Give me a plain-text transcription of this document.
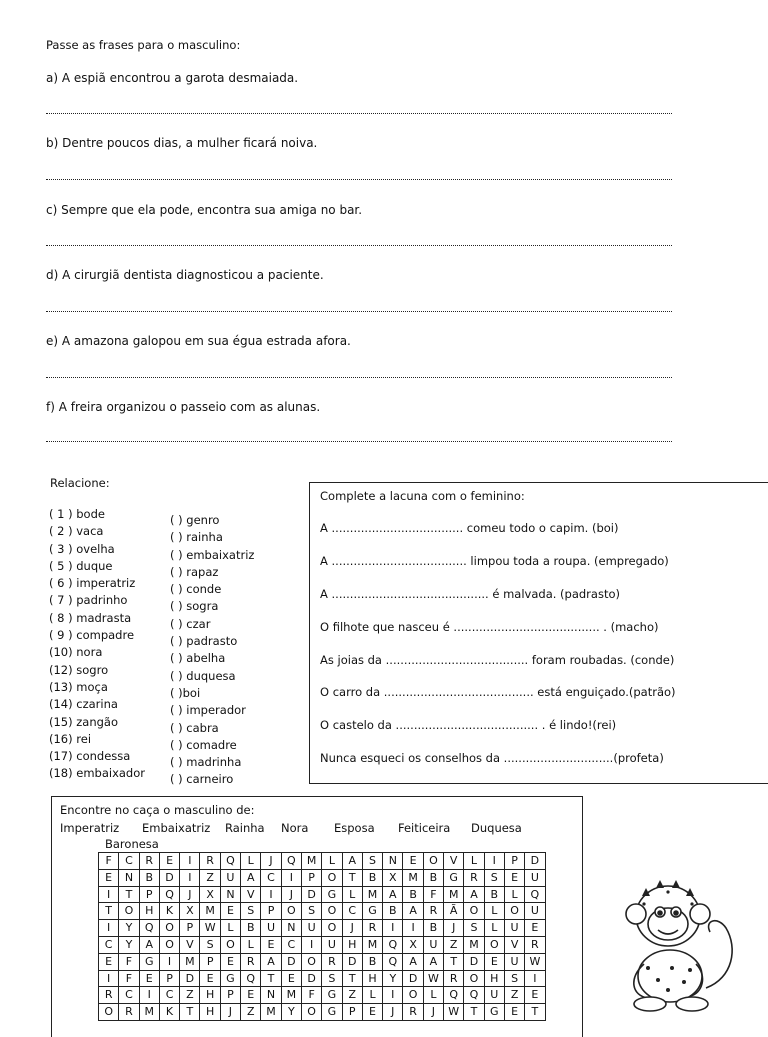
Passe as frases para o masculino:
a) A espiã encontrou a garota desmaiada.
b) Dentre poucos dias, a mulher ficará noiva.
c) Sempre que ela pode, encontra sua amiga no bar.
d) A cirurgiã dentista diagnosticou a paciente.
e) A amazona galopou em sua égua estrada afora.
f) A freira organizou o passeio com as alunas.
Relacione:
( 1 ) bode
( 2 ) vaca
( 3 ) ovelha
( 5 ) duque
( 6 ) imperatriz
( 7 ) padrinho
( 8 ) madrasta
( 9 ) compadre
(10) nora
(12) sogro
(13) moça
(14) czarina
(15) zangão
(16) rei
(17) condessa
(18) embaixador
( ) genro
( ) rainha
( ) embaixatriz
( ) rapaz
( ) conde
( ) sogra
( ) czar
( ) padrasto
( ) abelha
( ) duquesa
( )boi
( ) imperador
( ) cabra
( ) comadre
( ) madrinha
( ) carneiro
Complete a lacuna com o feminino:
A .................................... comeu todo o capim. (boi)
A ..................................... limpou toda a roupa. (empregado)
A ........................................... é malvada. (padrasto)
O filhote que nasceu é ........................................ . (macho)
As joias da ....................................... foram roubadas. (conde)
O carro da ......................................... está enguiçado.(patrão)
O castelo da ....................................... . é lindo!(rei)
Nunca esqueci os conselhos da ..............................(profeta)
Encontre no caça o masculino de:
Imperatriz Embaixatriz Rainha Nora Esposa Feiticeira Duquesa
Baronesa
F	C	R	E	I	R	Q	L	J	Q	M	L	A	S	N	E	O	V	L	I	P	D
E	N	B	D	I	Z	U	A	C	I	P	O	T	B	X	M	B	G	R	S	E	U
I	T	P	Q	J	X	N	V	I	J	D	G	L	M	A	B	F	M	A	B	L	Q
T	O	H	K	X	M	E	S	P	O	S	O	C	G	B	A	R	Ã	O	L	O	U
I	Y	Q	O	P	W	L	B	U	N	U	O	J	R	I	I	B	J	S	L	U	E
C	Y	A	O	V	S	O	L	E	C	I	U	H	M	Q	X	U	Z	M	O	V	R
E	F	G	I	M	P	E	R	A	D	O	R	D	B	Q	A	A	T	D	E	U	W
I	F	E	P	D	E	G	Q	T	E	D	S	T	H	Y	D	W	R	O	H	S	I
R	C	I	C	Z	H	P	E	N	M	F	G	Z	L	I	O	L	Q	Q	U	Z	E
O	R	M	K	T	H	J	Z	M	Y	O	G	P	E	J	R	J	W	T	G	E	T
